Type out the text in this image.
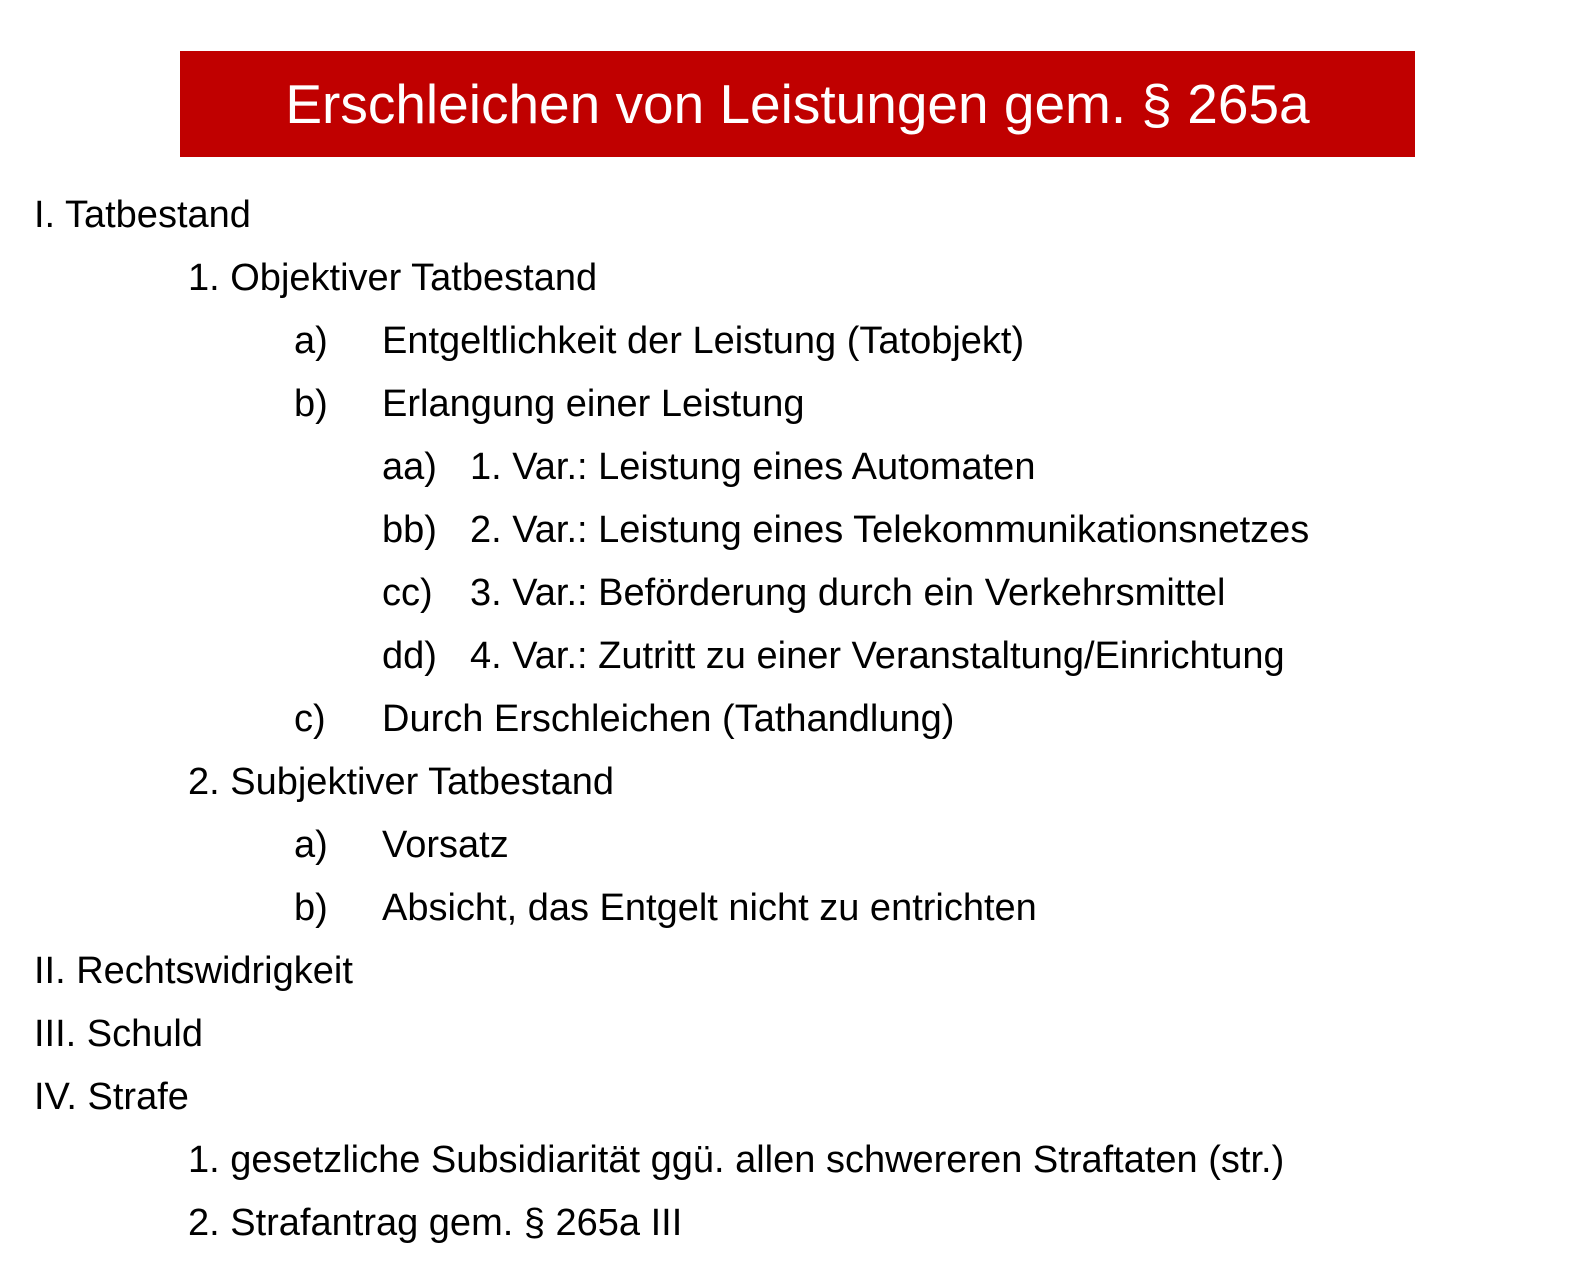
Erschleichen von Leistungen gem. § 265a
I. Tatbestand
1. Objektiver Tatbestand
a) Entgeltlichkeit der Leistung (Tatobjekt)
b) Erlangung einer Leistung
aa) 1. Var.: Leistung eines Automaten
bb) 2. Var.: Leistung eines Telekommunikationsnetzes
cc) 3. Var.: Beförderung durch ein Verkehrsmittel
dd) 4. Var.: Zutritt zu einer Veranstaltung/Einrichtung
c) Durch Erschleichen (Tathandlung)
2. Subjektiver Tatbestand
a) Vorsatz
b) Absicht, das Entgelt nicht zu entrichten
II. Rechtswidrigkeit
III. Schuld
IV. Strafe
1. gesetzliche Subsidiarität ggü. allen schwereren Straftaten (str.)
2. Strafantrag gem. § 265a III
